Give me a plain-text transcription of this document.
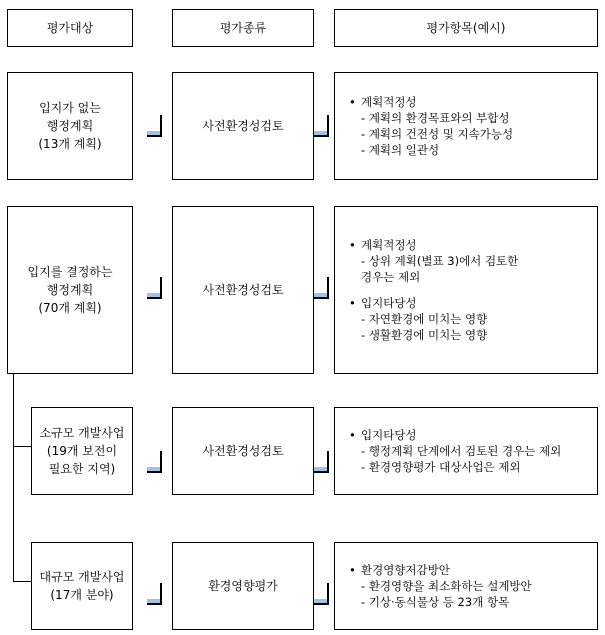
평가대상	평가종류	평가항목(예시)
입지가 없는
행정계획
(13개 계획)
사전환경성검토

• 계획적정성

- 계획의 환경목표와의 부합성

- 계획의 건전성 및 지속가능성

- 계획의 일관성

입지를 결정하는
행정계획
(70개 계획)
사전환경성검토

• 계획적정성

- 상위 계획(별표 3)에서 검토한
경우는 제외

• 입지타당성

- 자연환경에 미치는 영향

- 생활환경에 미치는 영향

소규모 개발사업
(19개 보전이
필요한 지역)
사전환경성검토

• 입지타당성

- 행정계획 단계에서 검토된 경우는 제외

- 환경영향평가 대상사업은 제외

대규모 개발사업
(17개 분야)
환경영향평가

• 환경영향저감방안

- 환경영향을 최소화하는 설계방안

- 기상·동식물상 등 23개 항목
